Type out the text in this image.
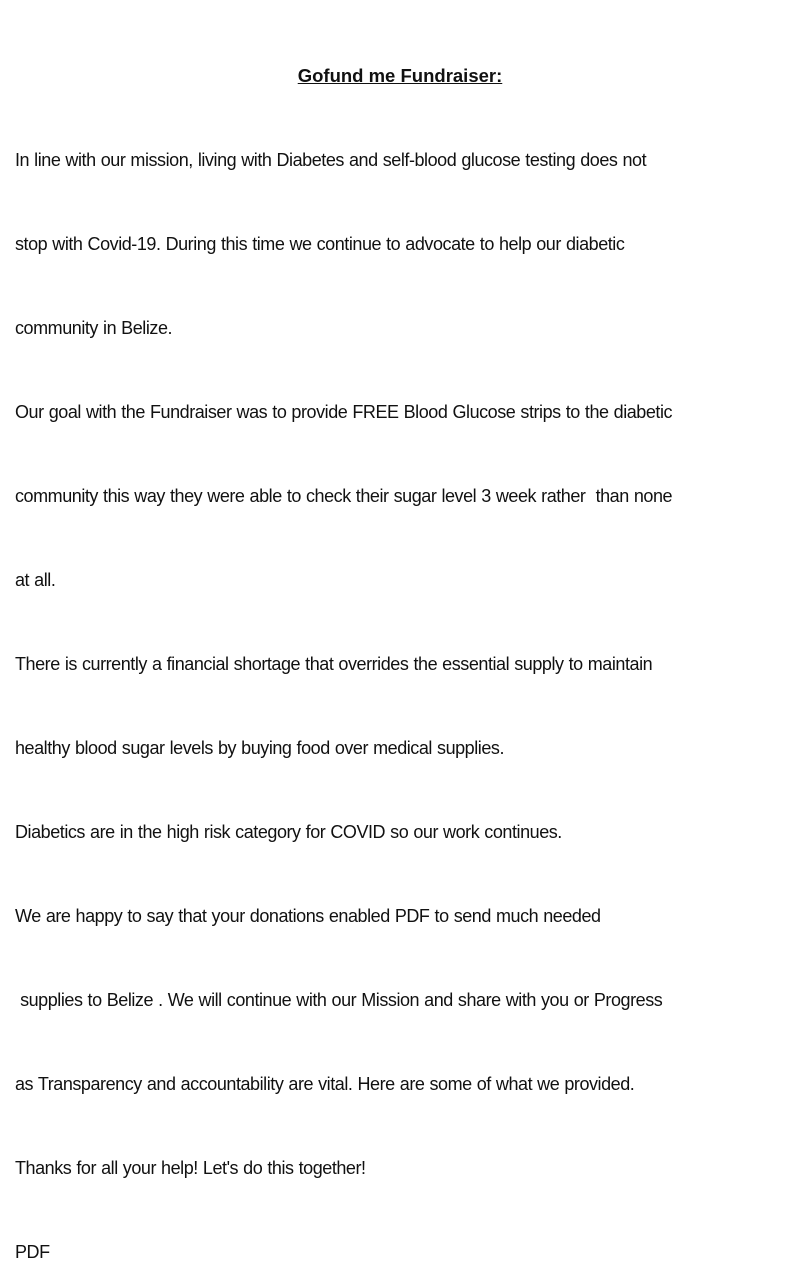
Gofund me Fundraiser:

In line with our mission, living with Diabetes and self-blood glucose testing does not

stop with Covid-19. During this time we continue to advocate to help our diabetic

community in Belize.

Our goal with the Fundraiser was to provide FREE Blood Glucose strips to the diabetic

community this way they were able to check their sugar level 3 week rather  than none

at all.

There is currently a financial shortage that overrides the essential supply to maintain

healthy blood sugar levels by buying food over medical supplies.

Diabetics are in the high risk category for COVID so our work continues.

We are happy to say that your donations enabled PDF to send much needed

supplies to Belize . We will continue with our Mission and share with you or Progress

as Transparency and accountability are vital. Here are some of what we provided.

Thanks for all your help! Let's do this together!

PDF
